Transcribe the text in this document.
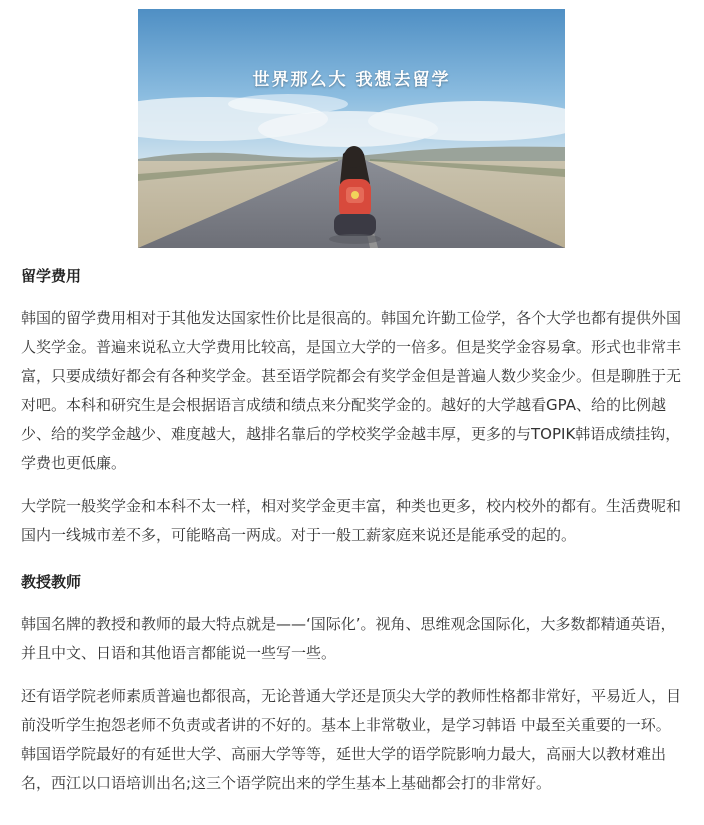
世界那么大 我想去留学
留学费用

韩国的留学费用相对于其他发达国家性价比是很高的。韩国允许勤工俭学，各个大学也都有提供外国人奖学金。普遍来说私立大学费用比较高，是国立大学的一倍多。但是奖学金容易拿。形式也非常丰富，只要成绩好都会有各种奖学金。甚至语学院都会有奖学金但是普遍人数少奖金少。但是聊胜于无对吧。本科和研究生是会根据语言成绩和绩点来分配奖学金的。越好的大学越看GPA、给的比例越少、给的奖学金越少、难度越大，越排名靠后的学校奖学金越丰厚，更多的与TOPIK韩语成绩挂钩，学费也更低廉。

大学院一般奖学金和本科不太一样，相对奖学金更丰富，种类也更多，校内校外的都有。生活费呢和国内一线城市差不多，可能略高一两成。对于一般工薪家庭来说还是能承受的起的。

教授教师

韩国名牌的教授和教师的最大特点就是——‘国际化’。视角、思维观念国际化，大多数都精通英语，并且中文、日语和其他语言都能说一些写一些。

还有语学院老师素质普遍也都很高，无论普通大学还是顶尖大学的教师性格都非常好，平易近人，目前没听学生抱怨老师不负责或者讲的不好的。基本上非常敬业，是学习韩语 中最至关重要的一环。韩国语学院最好的有延世大学、高丽大学等等，延世大学的语学院影响力最大，高丽大以教材难出名，西江以口语培训出名;这三个语学院出来的学生基本上基础都会打的非常好。
